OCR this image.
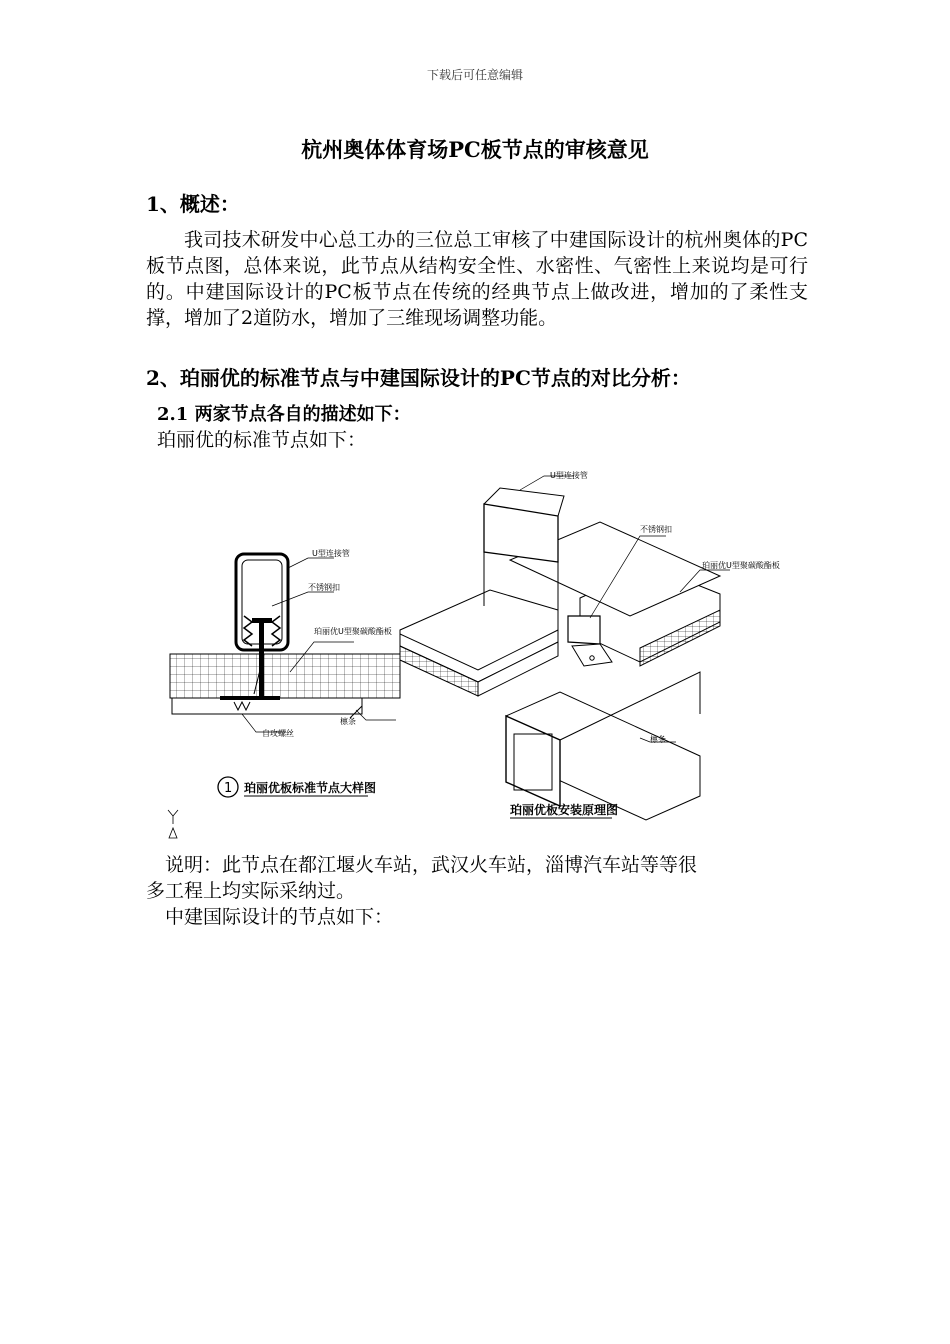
下载后可任意编辑
杭州奥体体育场PC板节点的审核意见
1、概述：
我司技术研发中心总工办的三位总工审核了中建国际设计的杭州奥体的PC板节点图，总体来说，此节点从结构安全性、水密性、气密性上来说均是可行的。中建国际设计的PC板节点在传统的经典节点上做改进，增加的了柔性支撑，增加了2道防水，增加了三维现场调整功能。
2、珀丽优的标准节点与中建国际设计的PC节点的对比分析：
2.1 两家节点各自的描述如下：
珀丽优的标准节点如下：
U型连接管
不锈钢扣
珀丽优U型聚碳酸酯板
檩条
自攻螺丝
1 珀丽优板标准节点大样图
U型连接管
不锈钢扣
珀丽优U型聚碳酸酯板
檩条
珀丽优板安装原理图
说明：此节点在都江堰火车站，武汉火车站，淄博汽车站等等很
多工程上均实际采纳过。
中建国际设计的节点如下：
